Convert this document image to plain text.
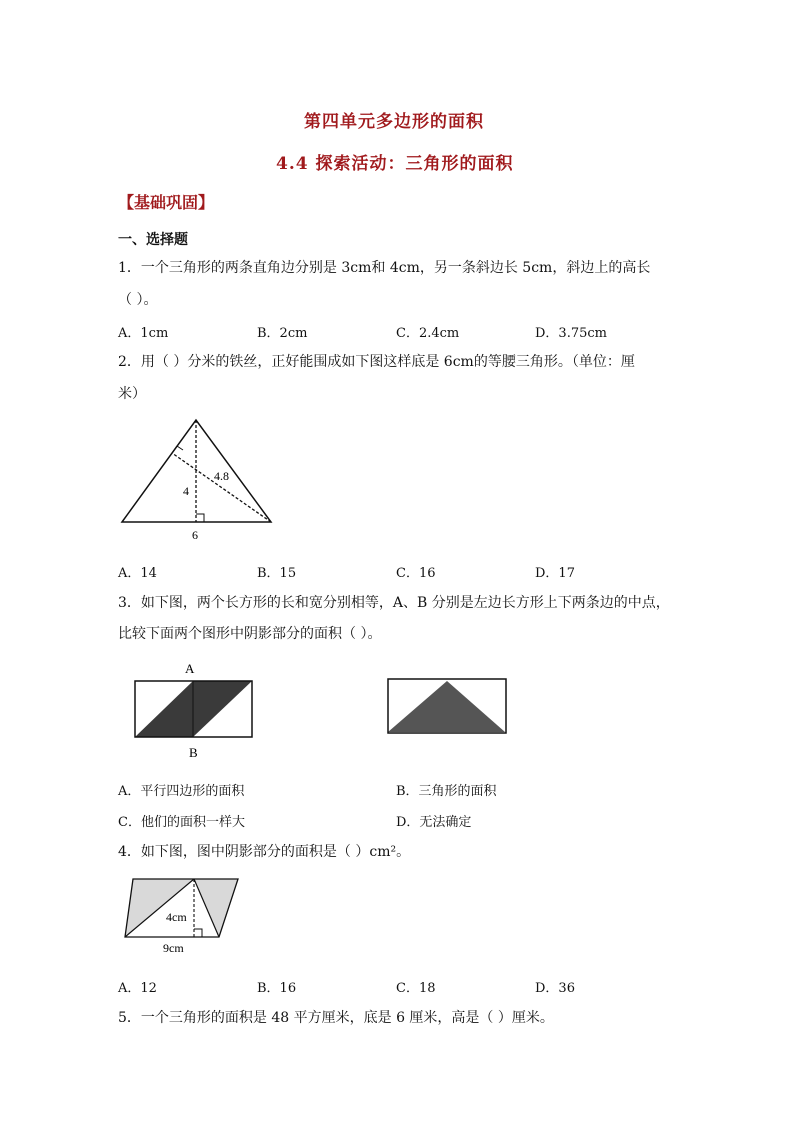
第四单元多边形的面积
4.4 探索活动：三角形的面积
【基础巩固】
一、选择题
1．一个三角形的两条直角边分别是 3cm和 4cm，另一条斜边长 5cm，斜边上的高长
（ ）。
A．1cm	B．2cm	C．2.4cm	D．3.75cm
2．用（ ）分米的铁丝，正好能围成如下图这样底是 6cm的等腰三角形。（单位：厘
米）
4
6
4.8
A．14	B．15	C．16	D．17
3．如下图，两个长方形的长和宽分别相等，A、B 分别是左边长方形上下两条边的中点，
比较下面两个图形中阴影部分的面积（ ）。
A
B
A．平行四边形的面积	B．三角形的面积
C．他们的面积一样大	D．无法确定
4．如下图，图中阴影部分的面积是（ ）cm²。
4cm
9cm
A．12	B．16	C．18	D．36
5．一个三角形的面积是 48 平方厘米，底是 6 厘米，高是（ ）厘米。
